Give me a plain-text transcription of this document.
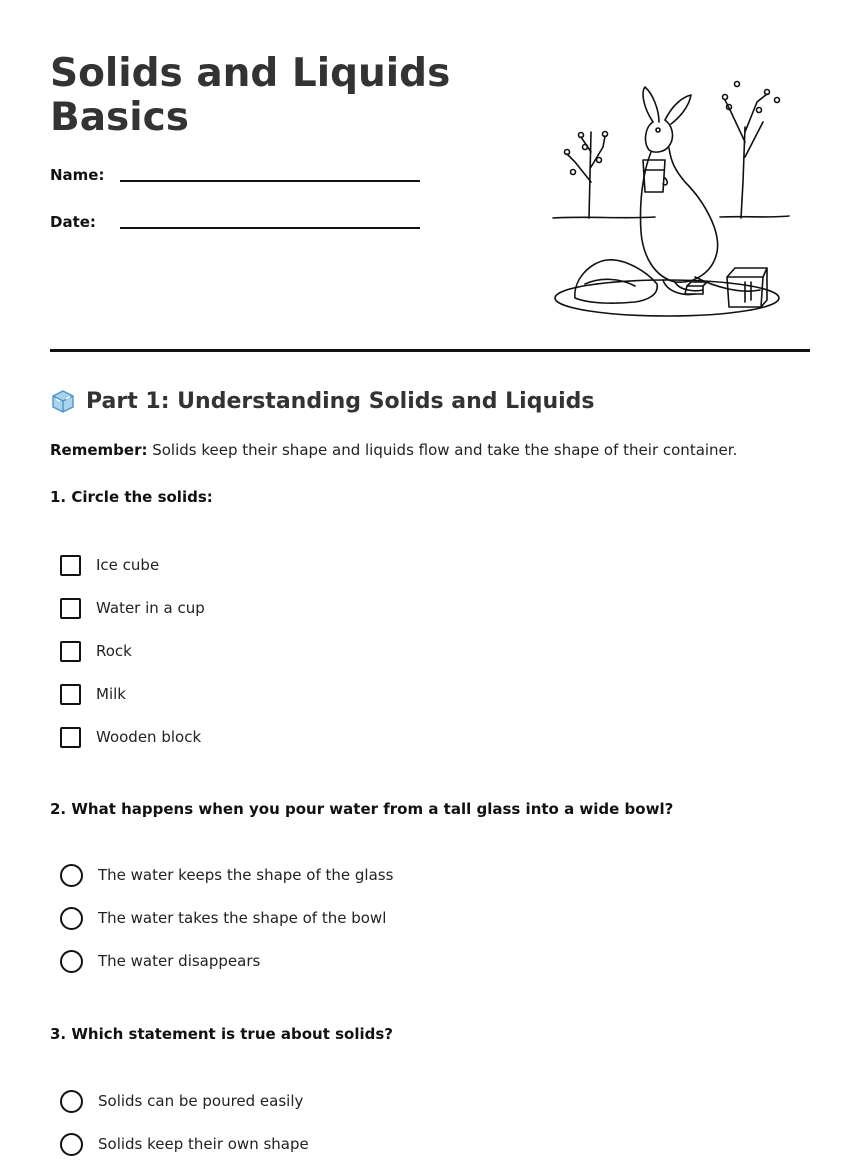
Solids and Liquids Basics
Name:
Date:
Part 1: Understanding Solids and Liquids

Remember: Solids keep their shape and liquids flow and take the shape of their container.

1. Circle the solids:
Ice cube
Water in a cup
Rock
Milk
Wooden block
2. What happens when you pour water from a tall glass into a wide bowl?
The water keeps the shape of the glass
The water takes the shape of the bowl
The water disappears
3. Which statement is true about solids?
Solids can be poured easily
Solids keep their own shape
